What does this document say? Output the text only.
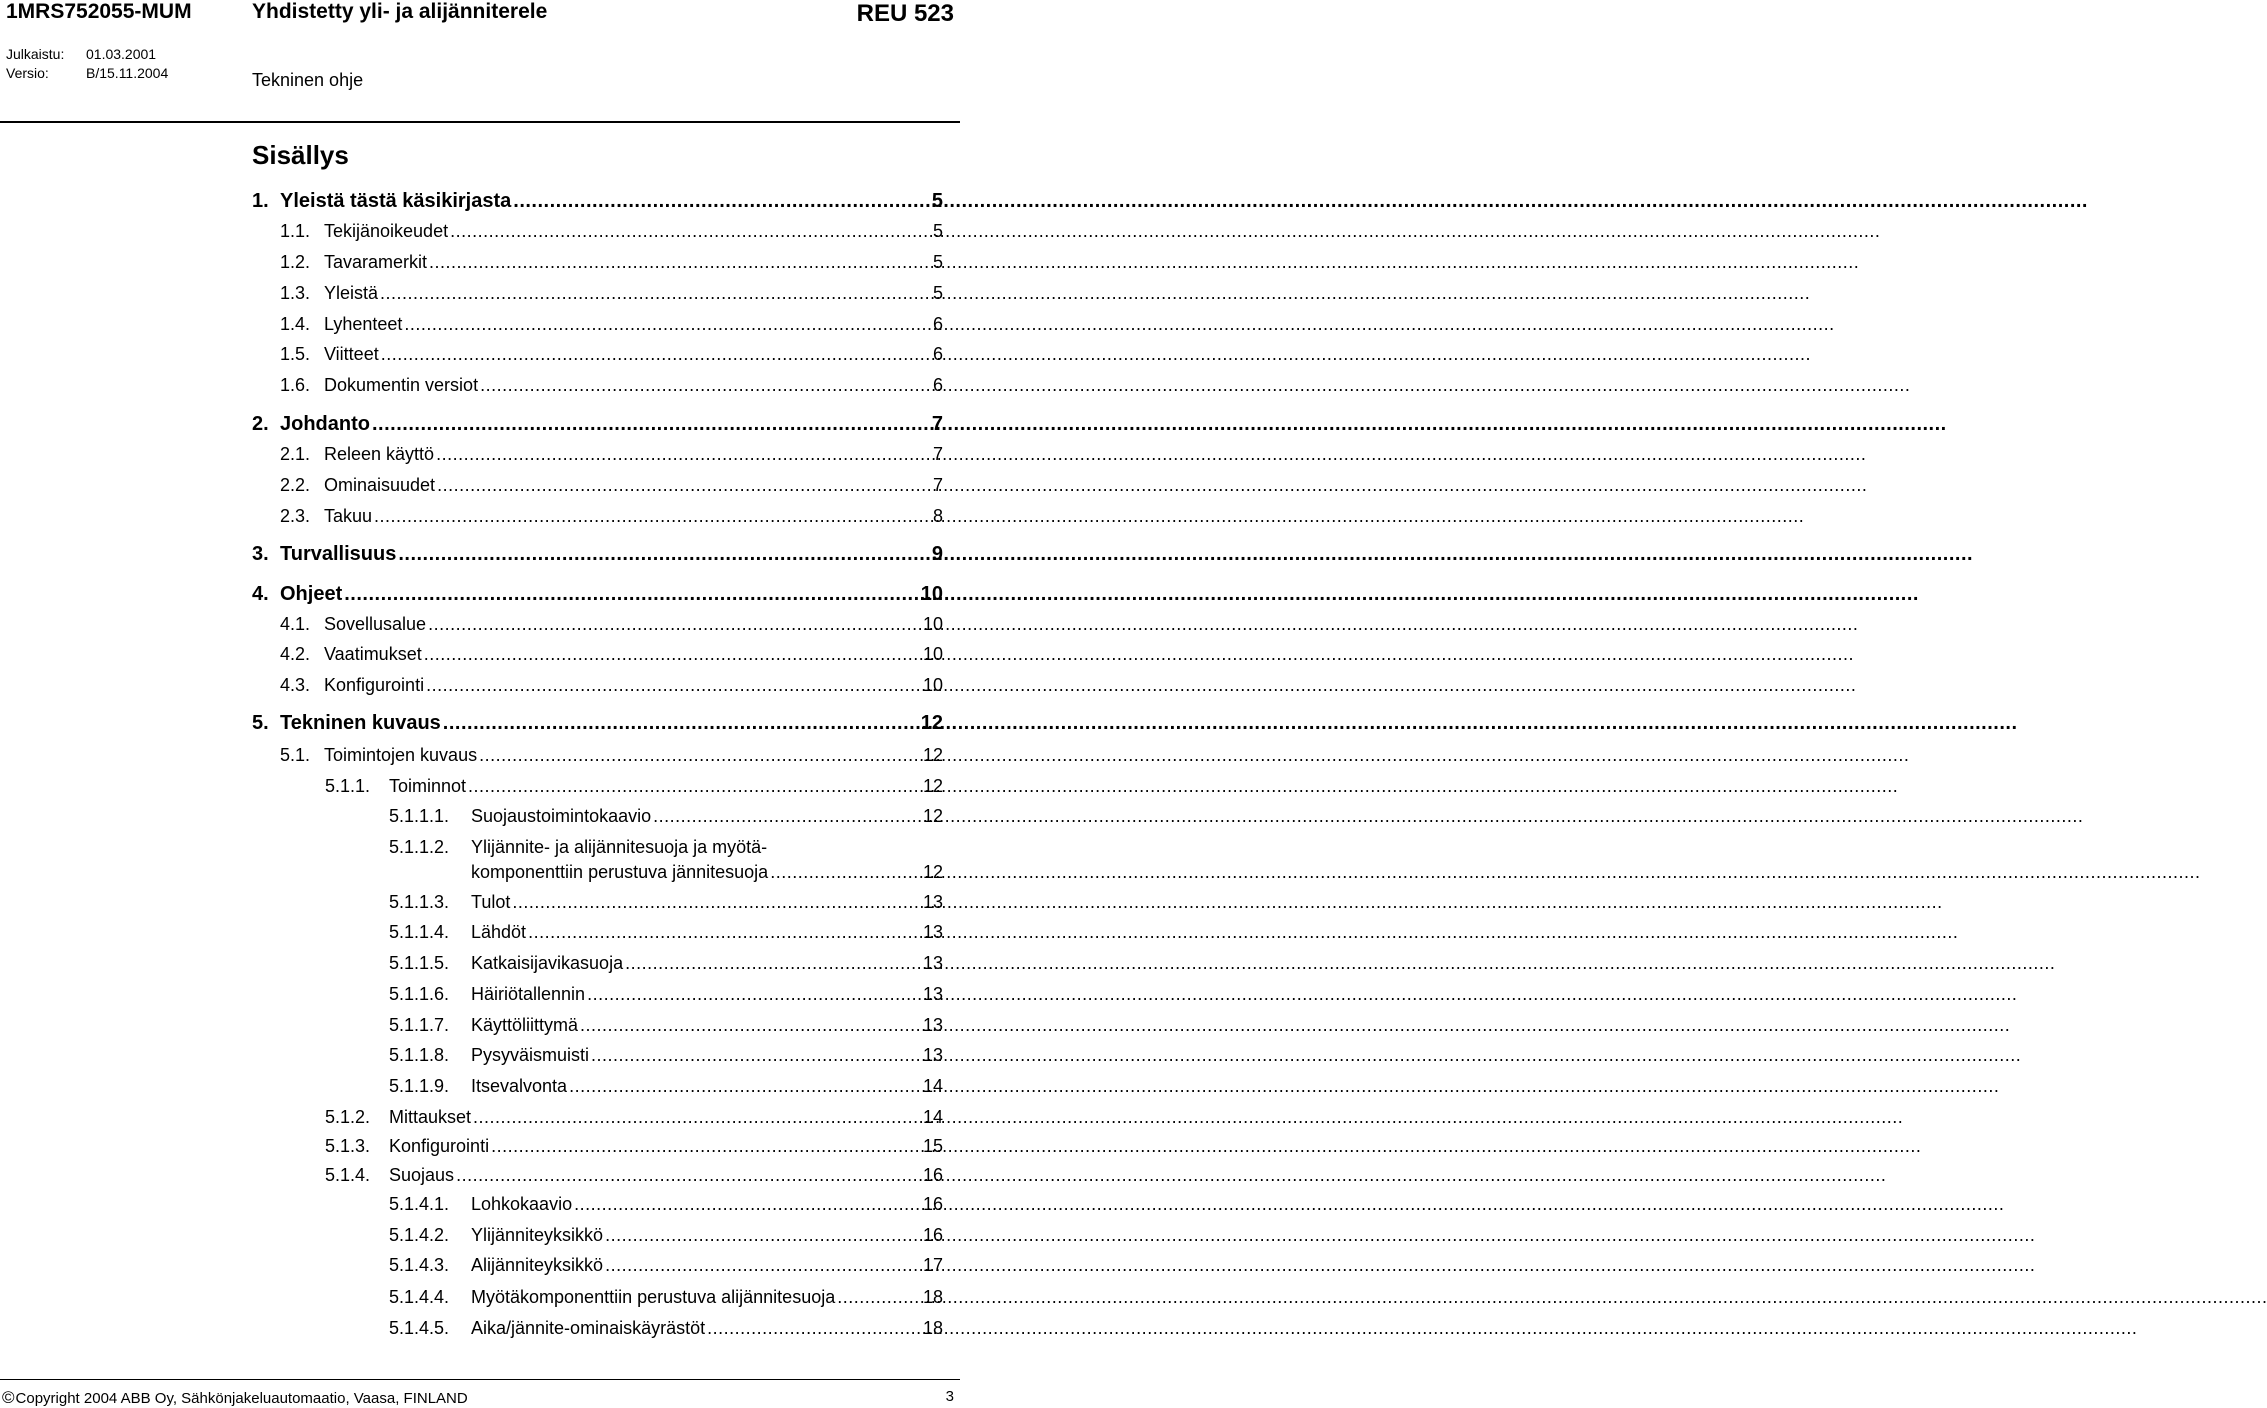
1MRS752055-MUM	Yhdistetty yli- ja alijänniterele	REU 523
Julkaistu: 01.03.2001
Versio:	B/15.11.2004	Tekninen ohje
Sisällys
1. Yleistä tästä käsikirjasta .....	5
1.1. Tekijänoikeudet .....	5
1.2. Tavaramerkit .....	5
1.3. Yleistä .....	5
1.4. Lyhenteet .....	6
1.5. Viitteet .....	6
1.6. Dokumentin versiot .....	6
2. Johdanto .....	7
2.1. Releen käyttö .....	7
2.2. Ominaisuudet .....	7
2.3. Takuu .....	8
3. Turvallisuus .....	9
4. Ohjeet .....	10
4.1. Sovellusalue .....	10
4.2. Vaatimukset .....	10
4.3. Konfigurointi .....	10
5. Tekninen kuvaus .....	12
5.1. Toimintojen kuvaus .....	12
5.1.1.	Toiminnot .....	12
5.1.1.1.	Suojaustoimintokaavio .....	12
5.1.1.2.	Ylijännite- ja alijännitesuoja ja myötä-
komponenttiin perustuva jännitesuoja .....	12
5.1.1.3.	Tulot .....	13
5.1.1.4.	Lähdöt .....	13
5.1.1.5.	Katkaisijavikasuoja .....	13
5.1.1.6.	Häiriötallennin .....	13
5.1.1.7.	Käyttöliittymä .....	13
5.1.1.8.	Pysyväismuisti .....	13
5.1.1.9.	Itsevalvonta .....	14
5.1.2.	Mittaukset .....	14
5.1.3.	Konfigurointi .....	15
5.1.4.	Suojaus .....	16
5.1.4.1.	Lohkokaavio .....	16
5.1.4.2.	Ylijänniteyksikkö .....	16
5.1.4.3.	Alijänniteyksikkö .....	17
5.1.4.4.	Myötäkomponenttiin perustuva alijännitesuoja .....	18
5.1.4.5.	Aika/jännite-ominaiskäyrästöt .....	18
©Copyright 2004 ABB Oy, Sähkönjakeluautomaatio, Vaasa, FINLAND	3
